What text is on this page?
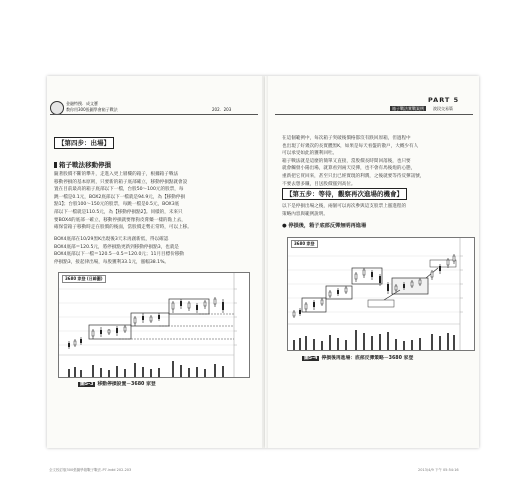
金融特搜．成文寶
教你用300張圖學會箱子戰法	202．203
PART 5
箱子戰法實戰案例	波段交易篇
【第四步：出場】
箱子戰法移動停損
隨著股價不斷的攀升，走進入更上層樓的箱子，根據箱子戰法
移動停損的基本原則，只要新的箱子底部確立，移動停損點就會設
置在目前最高的箱子底部以下一檔，台股50～100元的股票，每
跳一檔是0.1元，BOX2底部以下一檔就是94.9元，為【移動停損
點1】；台股100～150元的股票，每跳一檔是0.5元，BOX3底
部以下一檔就是110.5元，為【移動停損點2】。同樣的，未來只
要BOX4的底部一確立，移動停損就要像狗皮膏藥一樣的黏上去，
確保當箱子移動時走在股價的後面，當股價走勢正常時，可以上移。
BOX4底部在10/29黑K出現後3天未再創新低，得以確認
BOX4底部＝120.5元，將停損點更新到移動停損點3，也就是
BOX4底部以下一檔＝120.5－0.5＝120.0元；11月目標价移動
停損點3，接起律出場，每股獲利33.1元，漲幅38.1%。
3680 家登 (日線圖)
圖5-3 移動停損設置－3680 家登
在這個範例中，每次箱子突破後價格都沒有跌回原箱，但過程中
也出現了好幾次的長實體黑K，如果是每天看盤的散戶，大概少有人
可以承受如此的獲利回吐。
箱子戰法就是這麼的簡單又直接，當股價長時間回落後，也只要
就會觸發小陽出場，就算看到兩天反彈，也不會有馬後炮的心態，
重新把它買回來，甚至只出已經實現的利潤，之後就要等待反彈訊號，
不要去想多賺，目送股價漲到高位。
【第五步：等待，觀察再次進場的機會】
以下是停損出場之後，兩個可以再次參與這支股票上漲進程的
策略內容與範例說明。
● 停損後，箱子底部反彈無明再進場
3680 家登
圖5-4 停損後再進場：底部反彈策略－3680 家登
全文校訂版300張圖學箱戰子戰法-P7.indd 202-203	2013/4/9 下午 05:54:16
